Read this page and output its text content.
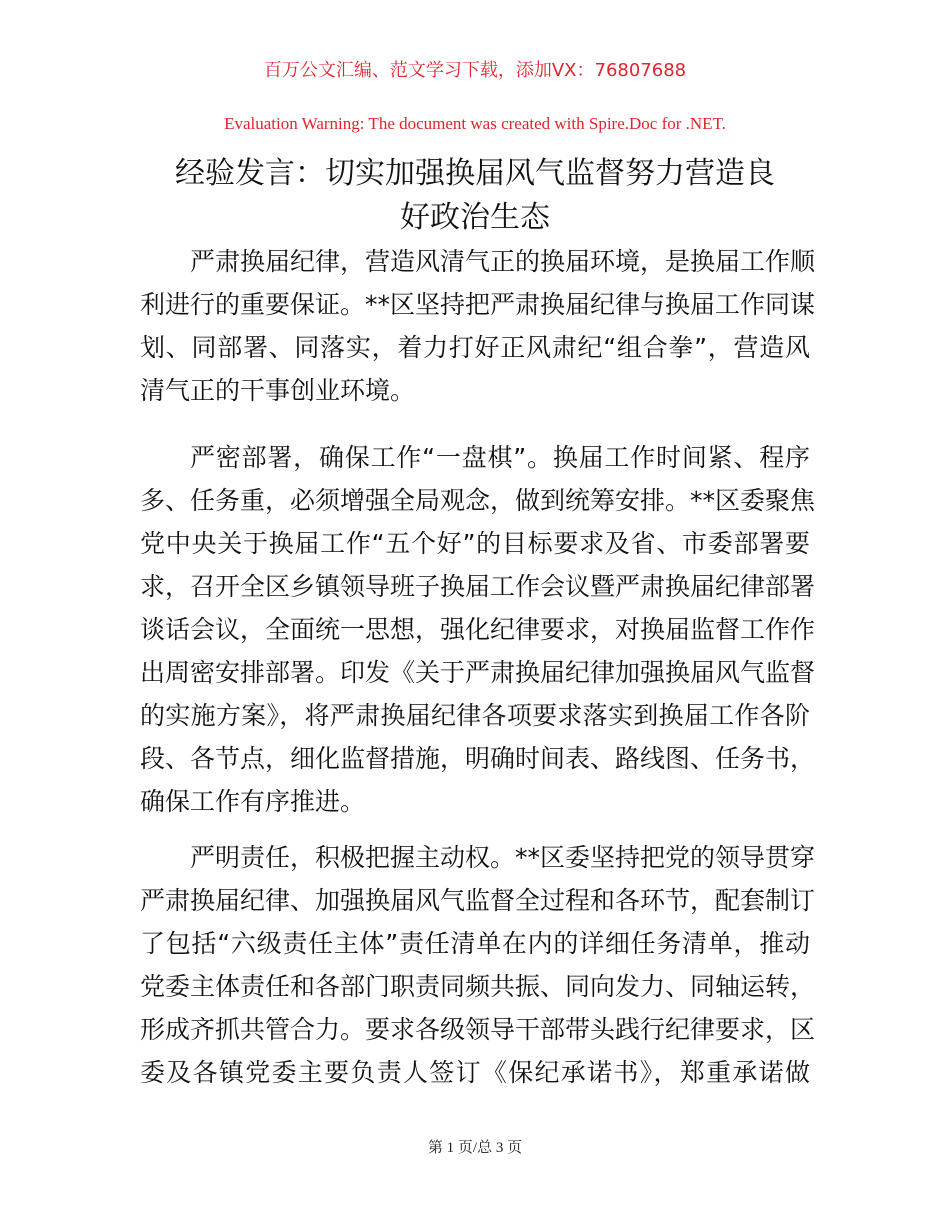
百万公文汇编、范文学习下载，添加VX：76807688
Evaluation Warning: The document was created with Spire.Doc for .NET.
经验发言：切实加强换届风气监督努力营造良
好政治生态
严肃换届纪律，营造风清气正的换届环境，是换届工作顺
利进行的重要保证。**区坚持把严肃换届纪律与换届工作同谋
划、同部署、同落实，着力打好正风肃纪“组合拳”，营造风
清气正的干事创业环境。
严密部署，确保工作“一盘棋”。换届工作时间紧、程序
多、任务重，必须增强全局观念，做到统筹安排。**区委聚焦
党中央关于换届工作“五个好”的目标要求及省、市委部署要
求，召开全区乡镇领导班子换届工作会议暨严肃换届纪律部署
谈话会议，全面统一思想，强化纪律要求，对换届监督工作作
出周密安排部署。印发《关于严肃换届纪律加强换届风气监督
的实施方案》，将严肃换届纪律各项要求落实到换届工作各阶
段、各节点，细化监督措施，明确时间表、路线图、任务书，
确保工作有序推进。
严明责任，积极把握主动权。**区委坚持把党的领导贯穿
严肃换届纪律、加强换届风气监督全过程和各环节，配套制订
了包括“六级责任主体”责任清单在内的详细任务清单，推动
党委主体责任和各部门职责同频共振、同向发力、同轴运转，
形成齐抓共管合力。要求各级领导干部带头践行纪律要求，区
委及各镇党委主要负责人签订《保纪承诺书》，郑重承诺做
第 1 页/总 3 页
